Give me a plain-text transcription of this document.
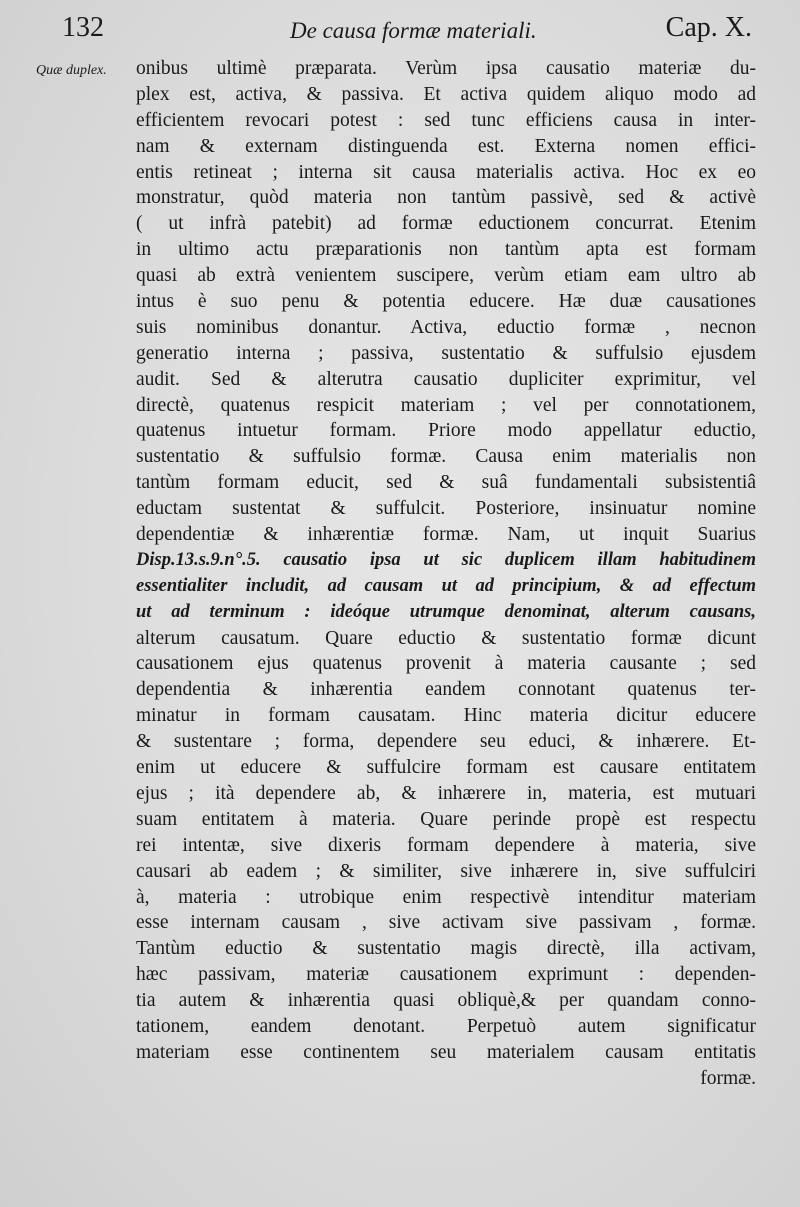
132	De causa formæ materiali.	Cap. X.
Quæ duplex. onibus ultimè præparata. Verùm ipsa causatio materiæ du-
plex est, activa, & passiva. Et activa quidem aliquo modo ad
efficientem revocari potest : sed tunc efficiens causa in inter-
nam & externam distinguenda est. Externa nomen effici-
entis retineat ; interna sit causa materialis activa. Hoc ex eo
monstratur, quòd materia non tantùm passivè, sed & activè
( ut infrà patebit) ad formæ eductionem concurrat. Etenim
in ultimo actu præparationis non tantùm apta est formam
quasi ab extrà venientem suscipere, verùm etiam eam ultro ab
intus è suo penu & potentia educere. Hæ duæ causationes
suis nominibus donantur. Activa, eductio formæ , necnon
generatio interna ; passiva, sustentatio & suffulsio ejusdem
audit. Sed & alterutra causatio dupliciter exprimitur, vel
directè, quatenus respicit materiam ; vel per connotationem,
quatenus intuetur formam. Priore modo appellatur eductio,
sustentatio & suffulsio formæ. Causa enim materialis non
tantùm formam educit, sed & suâ fundamentali subsistentiâ
eductam sustentat & suffulcit. Posteriore, insinuatur nomine
dependentiæ & inhærentiæ formæ. Nam, ut inquit Suarius
Disp.13.s.9.n°.5. causatio ipsa ut sic duplicem illam habitudinem
essentialiter includit, ad causam ut ad principium, & ad effectum
ut ad terminum : ideóque utrumque denominat, alterum causans,
alterum causatum. Quare eductio & sustentatio formæ dicunt
causationem ejus quatenus provenit à materia causante ; sed
dependentia & inhærentia eandem connotant quatenus ter-
minatur in formam causatam. Hinc materia dicitur educere
& sustentare ; forma, dependere seu educi, & inhærere. Et-
enim ut educere & suffulcire formam est causare entitatem
ejus ; ità dependere ab, & inhærere in, materia, est mutuari
suam entitatem à materia. Quare perinde propè est respectu
rei intentæ, sive dixeris formam dependere à materia, sive
causari ab eadem ; & similiter, sive inhærere in, sive suffulciri
à, materia : utrobique enim respectivè intenditur materiam
esse internam causam , sive activam sive passivam , formæ.
Tantùm eductio & sustentatio magis directè, illa activam,
hæc passivam, materiæ causationem exprimunt : dependen-
tia autem & inhærentia quasi obliquè,& per quandam conno-
tationem, eandem denotant. Perpetuò autem significatur
materiam esse continentem seu materialem causam entitatis
formæ.
